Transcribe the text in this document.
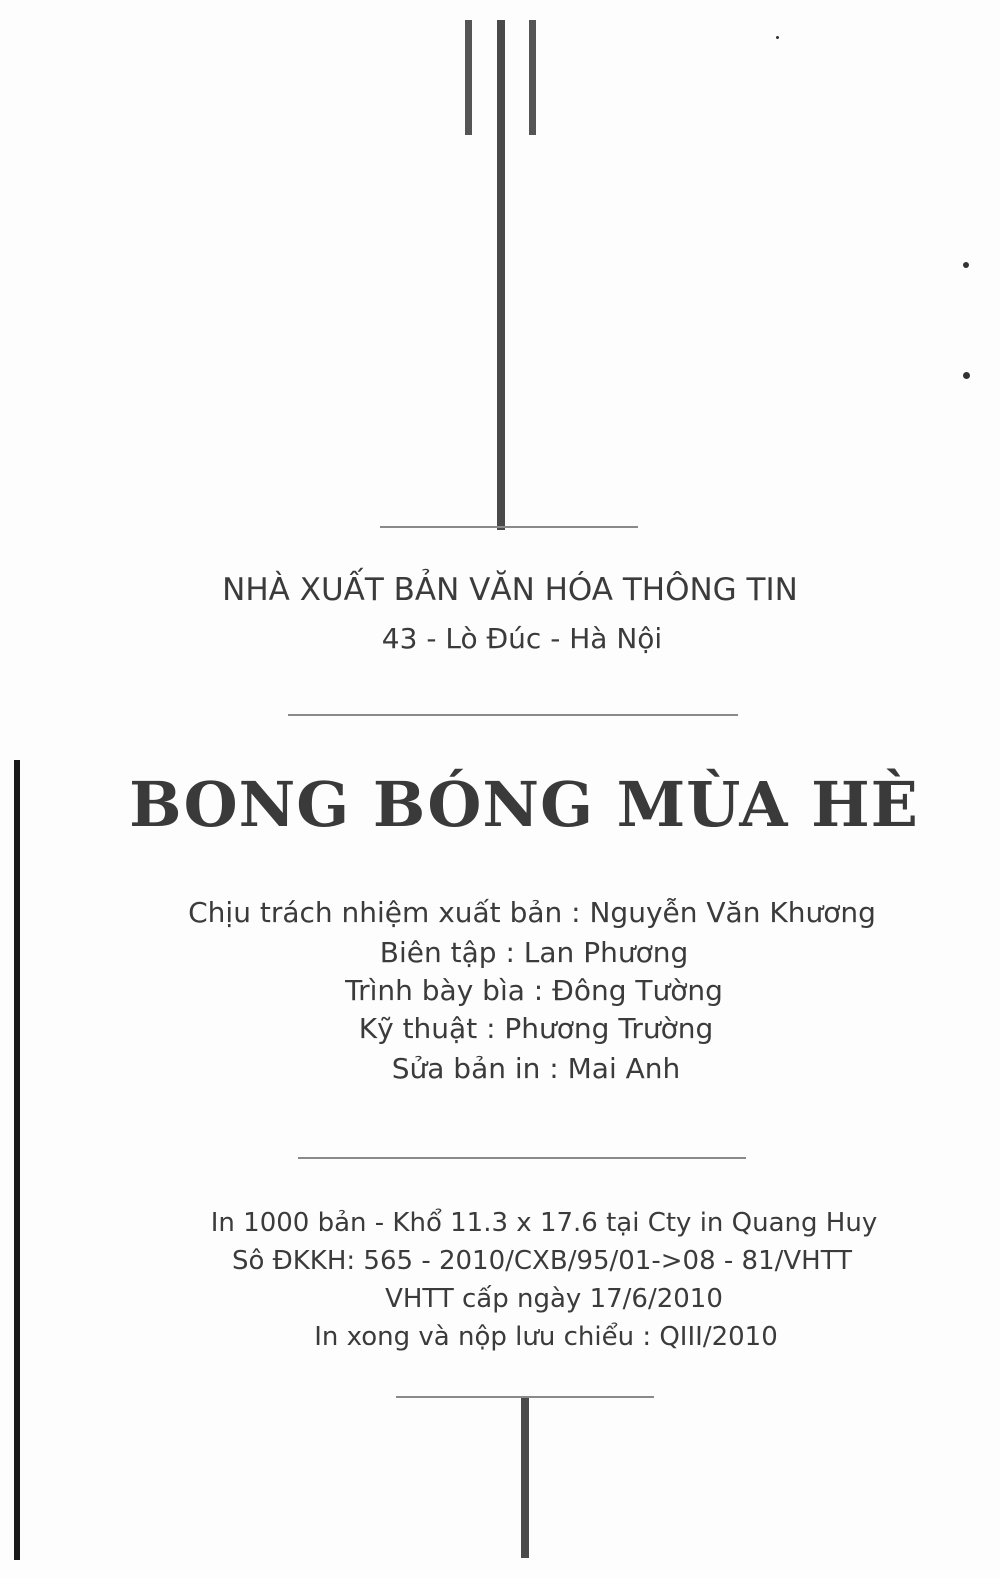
NHÀ XUẤT BẢN VĂN HÓA THÔNG TIN
43 - Lò Đúc - Hà Nội
BONG BÓNG MÙA HÈ
Chịu trách nhiệm xuất bản : Nguyễn Văn Khương
Biên tập : Lan Phương
Trình bày bìa : Đông Tường
Kỹ thuật : Phương Trường
Sửa bản in : Mai Anh
In 1000 bản - Khổ 11.3 x 17.6 tại Cty in Quang Huy
Sô ĐKKH: 565 - 2010/CXB/95/01->08 - 81/VHTT
VHTT cấp ngày 17/6/2010
In xong và nộp lưu chiểu : QIII/2010
